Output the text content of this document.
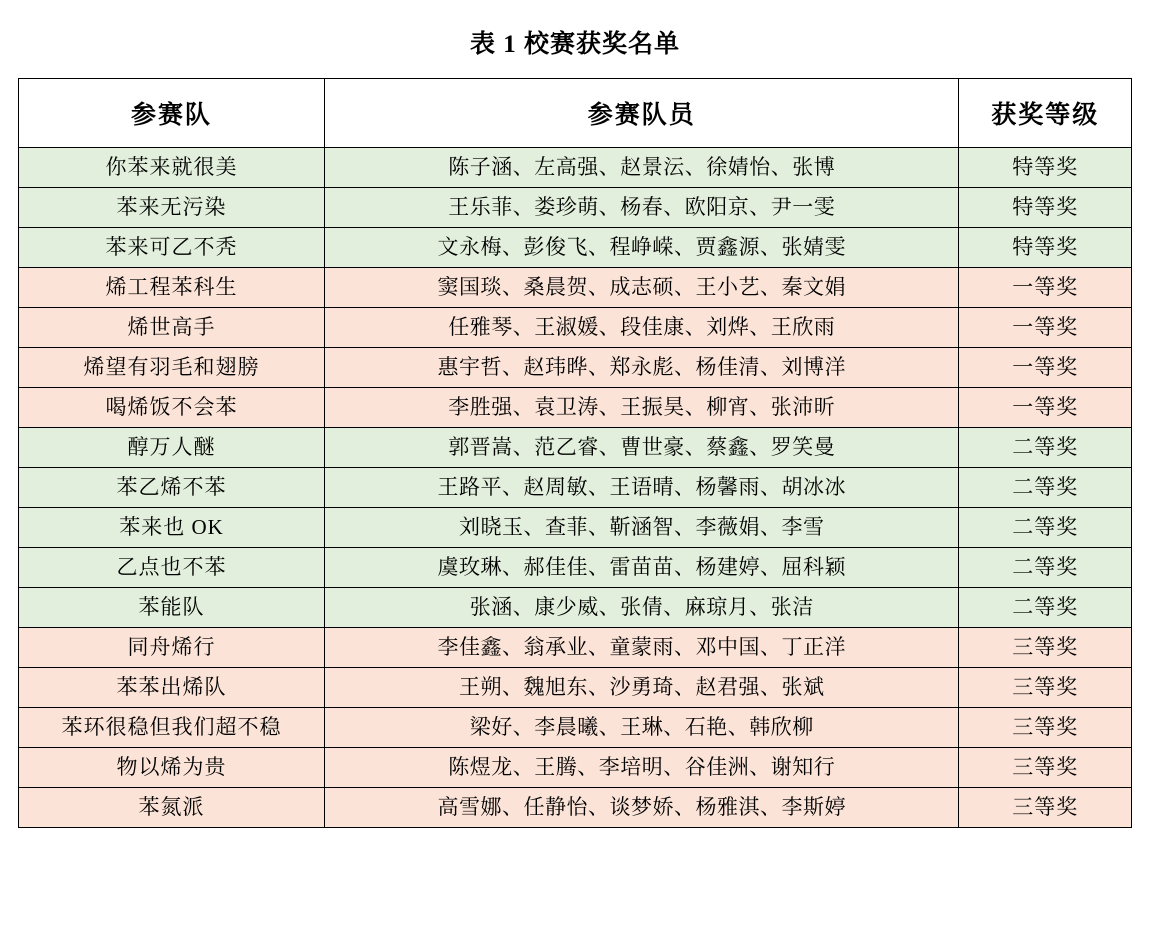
表 1 校赛获奖名单
参赛队	参赛队员	获奖等级
你苯来就很美	陈子涵、左高强、赵景沄、徐婧怡、张博	特等奖
苯来无污染	王乐菲、娄珍萌、杨春、欧阳京、尹一雯	特等奖
苯来可乙不秃	文永梅、彭俊飞、程峥嵘、贾鑫源、张婧雯	特等奖
烯工程苯科生	窦国琰、桑晨贺、成志硕、王小艺、秦文娟	一等奖
烯世高手	任雅琴、王淑媛、段佳康、刘烨、王欣雨	一等奖
烯望有羽毛和翅膀	惠宇哲、赵玮晔、郑永彪、杨佳清、刘博洋	一等奖
喝烯饭不会苯	李胜强、袁卫涛、王振昊、柳宵、张沛昕	一等奖
醇万人醚	郭晋嵩、范乙睿、曹世豪、蔡鑫、罗笑曼	二等奖
苯乙烯不苯	王路平、赵周敏、王语晴、杨馨雨、胡冰冰	二等奖
苯来也 OK	刘晓玉、查菲、靳涵智、李薇娟、李雪	二等奖
乙点也不苯	虞玫琳、郝佳佳、雷苗苗、杨建婷、屈科颖	二等奖
苯能队	张涵、康少威、张倩、麻琼月、张洁	二等奖
同舟烯行	李佳鑫、翁承业、童蒙雨、邓中国、丁正洋	三等奖
苯苯出烯队	王朔、魏旭东、沙勇琦、赵君强、张斌	三等奖
苯环很稳但我们超不稳	梁好、李晨曦、王琳、石艳、韩欣柳	三等奖
物以烯为贵	陈煜龙、王腾、李培明、谷佳洲、谢知行	三等奖
苯氮派	高雪娜、任静怡、谈梦娇、杨雅淇、李斯婷	三等奖
